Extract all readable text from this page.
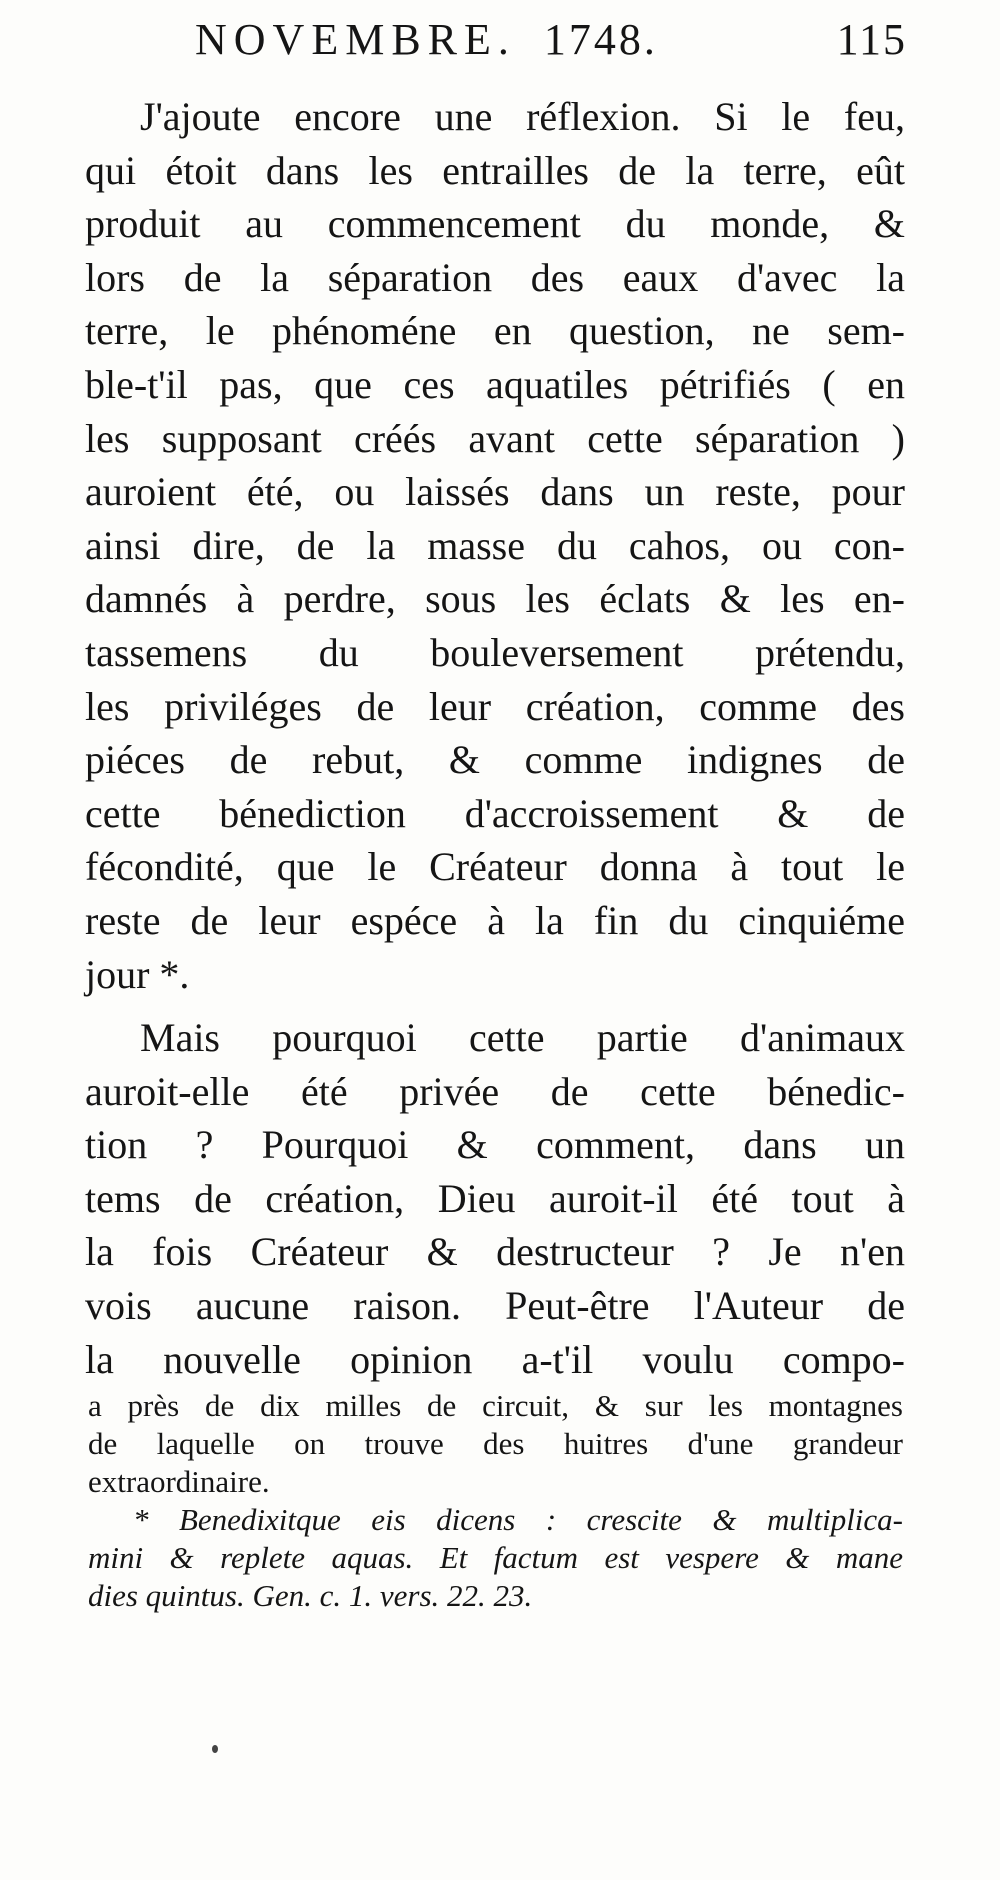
NOVEMBRE. 1748.	115
J'ajoute encore une réflexion. Si le feu,
qui étoit dans les entrailles de la terre, eût
produit au commencement du monde, &
lors de la séparation des eaux d'avec la
terre, le phénoméne en question, ne sem-
ble-t'il pas, que ces aquatiles pétrifiés ( en
les supposant créés avant cette séparation )
auroient été, ou laissés dans un reste, pour
ainsi dire, de la masse du cahos, ou con-
damnés à perdre, sous les éclats & les en-
tassemens du bouleversement prétendu,
les priviléges de leur création, comme des
piéces de rebut, & comme indignes de
cette bénediction d'accroissement & de
fécondité, que le Créateur donna à tout le
reste de leur espéce à la fin du cinquiéme
jour *.
Mais pourquoi cette partie d'animaux
auroit-elle été privée de cette bénedic-
tion ? Pourquoi & comment, dans un
tems de création, Dieu auroit-il été tout à
la fois Créateur & destructeur ? Je n'en
vois aucune raison. Peut-être l'Auteur de
la nouvelle opinion a-t'il voulu compo-
a près de dix milles de circuit, & sur les montagnes
de laquelle on trouve des huitres d'une grandeur
extraordinaire.
* Benedixitque eis dicens : crescite & multiplica-
mini & replete aquas. Et factum est vespere & mane
dies quintus. Gen. c. 1. vers. 22. 23.
